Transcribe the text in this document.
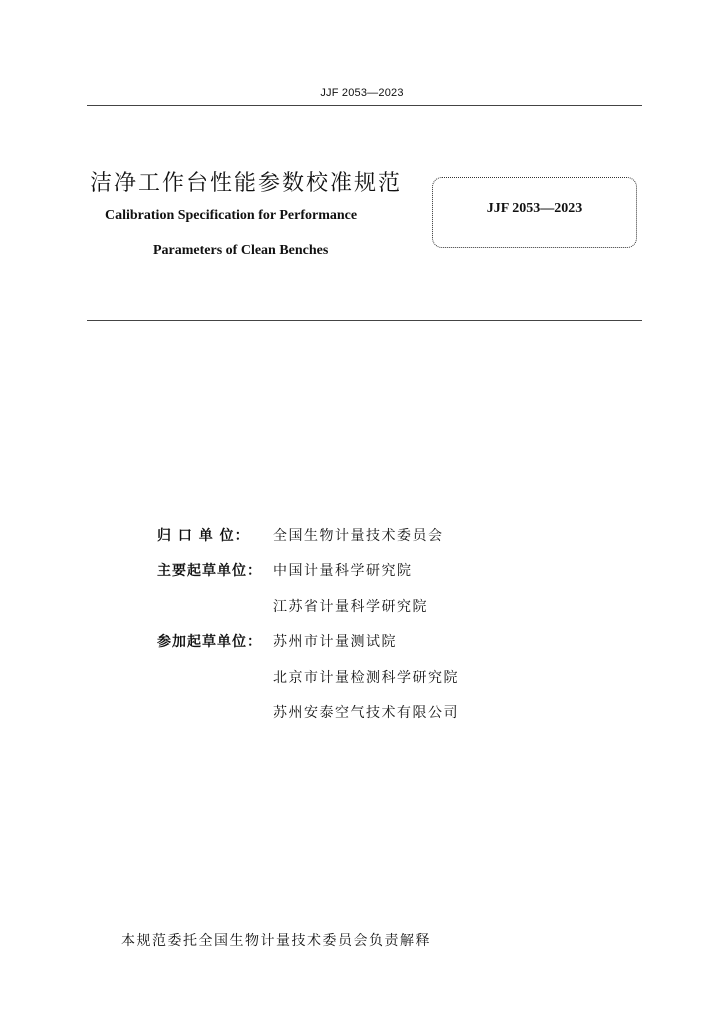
JJF 2053—2023
洁净工作台性能参数校准规范
Calibration Specification for Performance
Parameters of Clean Benches
JJF 2053—2023
归 口 单 位：	全国生物计量技术委员会
主要起草单位： 中国计量科学研究院
江苏省计量科学研究院
参加起草单位： 苏州市计量测试院
北京市计量检测科学研究院
苏州安泰空气技术有限公司
本规范委托全国生物计量技术委员会负责解释
